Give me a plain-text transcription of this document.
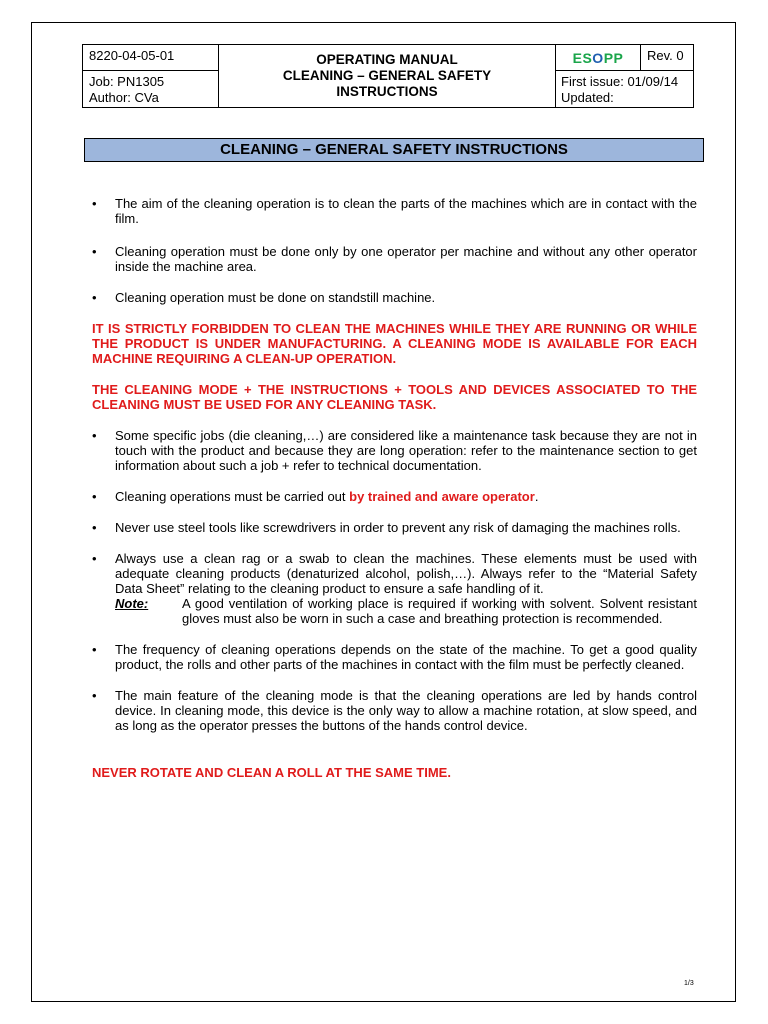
8220-04-05-01
Job: PN1305
Author: CVa
OPERATING MANUAL
CLEANING – GENERAL SAFETY
INSTRUCTIONS
ESOPP	Rev. 0
First issue: 01/09/14
Updated:
CLEANING – GENERAL SAFETY INSTRUCTIONS
• The aim of the cleaning operation is to clean the parts of the machines which are in contact with the film.
• Cleaning operation must be done only by one operator per machine and without any other operator inside the machine area.
• Cleaning operation must be done on standstill machine.
IT IS STRICTLY FORBIDDEN TO CLEAN THE MACHINES WHILE THEY ARE RUNNING OR WHILE THE PRODUCT IS UNDER MANUFACTURING. A CLEANING MODE IS AVAILABLE FOR EACH MACHINE REQUIRING A CLEAN-UP OPERATION.
THE CLEANING MODE + THE INSTRUCTIONS + TOOLS AND DEVICES ASSOCIATED TO THE CLEANING MUST BE USED FOR ANY CLEANING TASK.
• Some specific jobs (die cleaning,…) are considered like a maintenance task because they are not in touch with the product and because they are long operation: refer to the maintenance section to get information about such a job + refer to technical documentation.
• Cleaning operations must be carried out by trained and aware operator.
• Never use steel tools like screwdrivers in order to prevent any risk of damaging the machines rolls.
• Always use a clean rag or a swab to clean the machines. These elements must be used with adequate cleaning products (denaturized alcohol, polish,…). Always refer to the “Material Safety Data Sheet” relating to the cleaning product to ensure a safe handling of it.
Note:	A good ventilation of working place is required if working with solvent. Solvent resistant gloves must also be worn in such a case and breathing protection is recommended.
• The frequency of cleaning operations depends on the state of the machine. To get a good quality product, the rolls and other parts of the machines in contact with the film must be perfectly cleaned.
• The main feature of the cleaning mode is that the cleaning operations are led by hands control device. In cleaning mode, this device is the only way to allow a machine rotation, at slow speed, and as long as the operator presses the buttons of the hands control device.
NEVER ROTATE AND CLEAN A ROLL AT THE SAME TIME.
1/3
